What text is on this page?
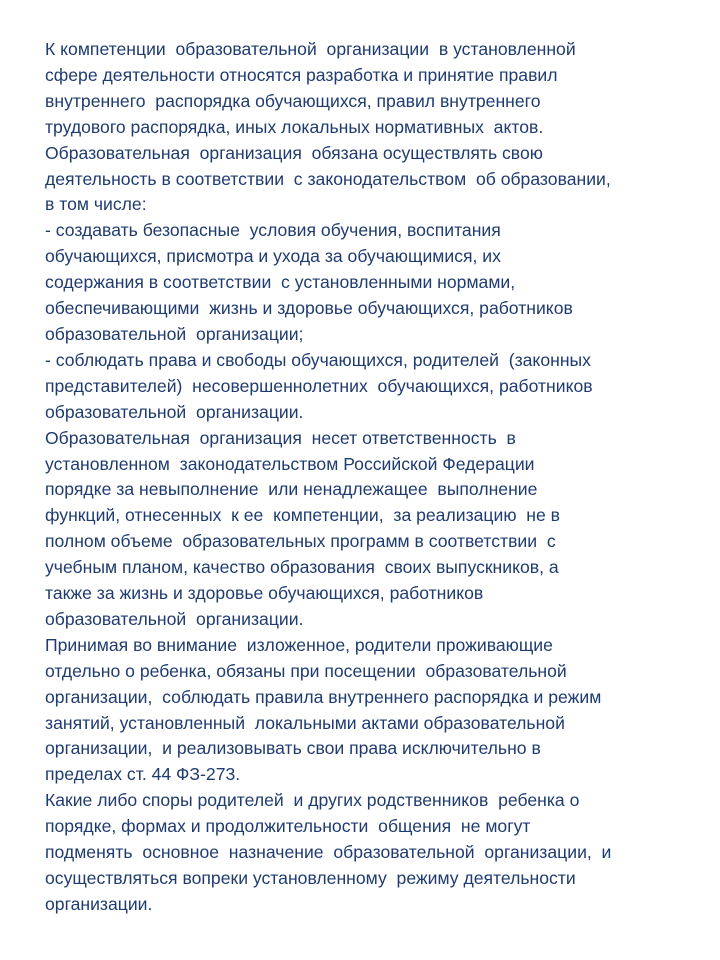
К компетенции  образовательной  организации  в установленной
сфере деятельности относятся разработка и принятие правил
внутреннего  распорядка обучающихся, правил внутреннего
трудового распорядка, иных локальных нормативных  актов.
Образовательная  организация  обязана осуществлять свою
деятельность в соответствии  с законодательством  об образовании,
в том числе:
- создавать безопасные  условия обучения, воспитания
обучающихся, присмотра и ухода за обучающимися, их
содержания в соответствии  с установленными нормами,
обеспечивающими  жизнь и здоровье обучающихся, работников
образовательной  организации;
- соблюдать права и свободы обучающихся, родителей  (законных
представителей)  несовершеннолетних  обучающихся, работников
образовательной  организации.
Образовательная  организация  несет ответственность  в
установленном  законодательством Российской Федерации
порядке за невыполнение  или ненадлежащее  выполнение
функций, отнесенных  к ее  компетенции,  за реализацию  не в
полном объеме  образовательных программ в соответствии  с
учебным планом, качество образования  своих выпускников, а
также за жизнь и здоровье обучающихся, работников
образовательной  организации.
Принимая во внимание  изложенное, родители проживающие
отдельно о ребенка, обязаны при посещении  образовательной
организации,  соблюдать правила внутреннего распорядка и режим
занятий, установленный  локальными актами образовательной
организации,  и реализовывать свои права исключительно в
пределах ст. 44 ФЗ-273.
Какие либо споры родителей  и других родственников  ребенка о
порядке, формах и продолжительности  общения  не могут
подменять  основное  назначение  образовательной  организации,  и
осуществляться вопреки установленному  режиму деятельности
организации.
